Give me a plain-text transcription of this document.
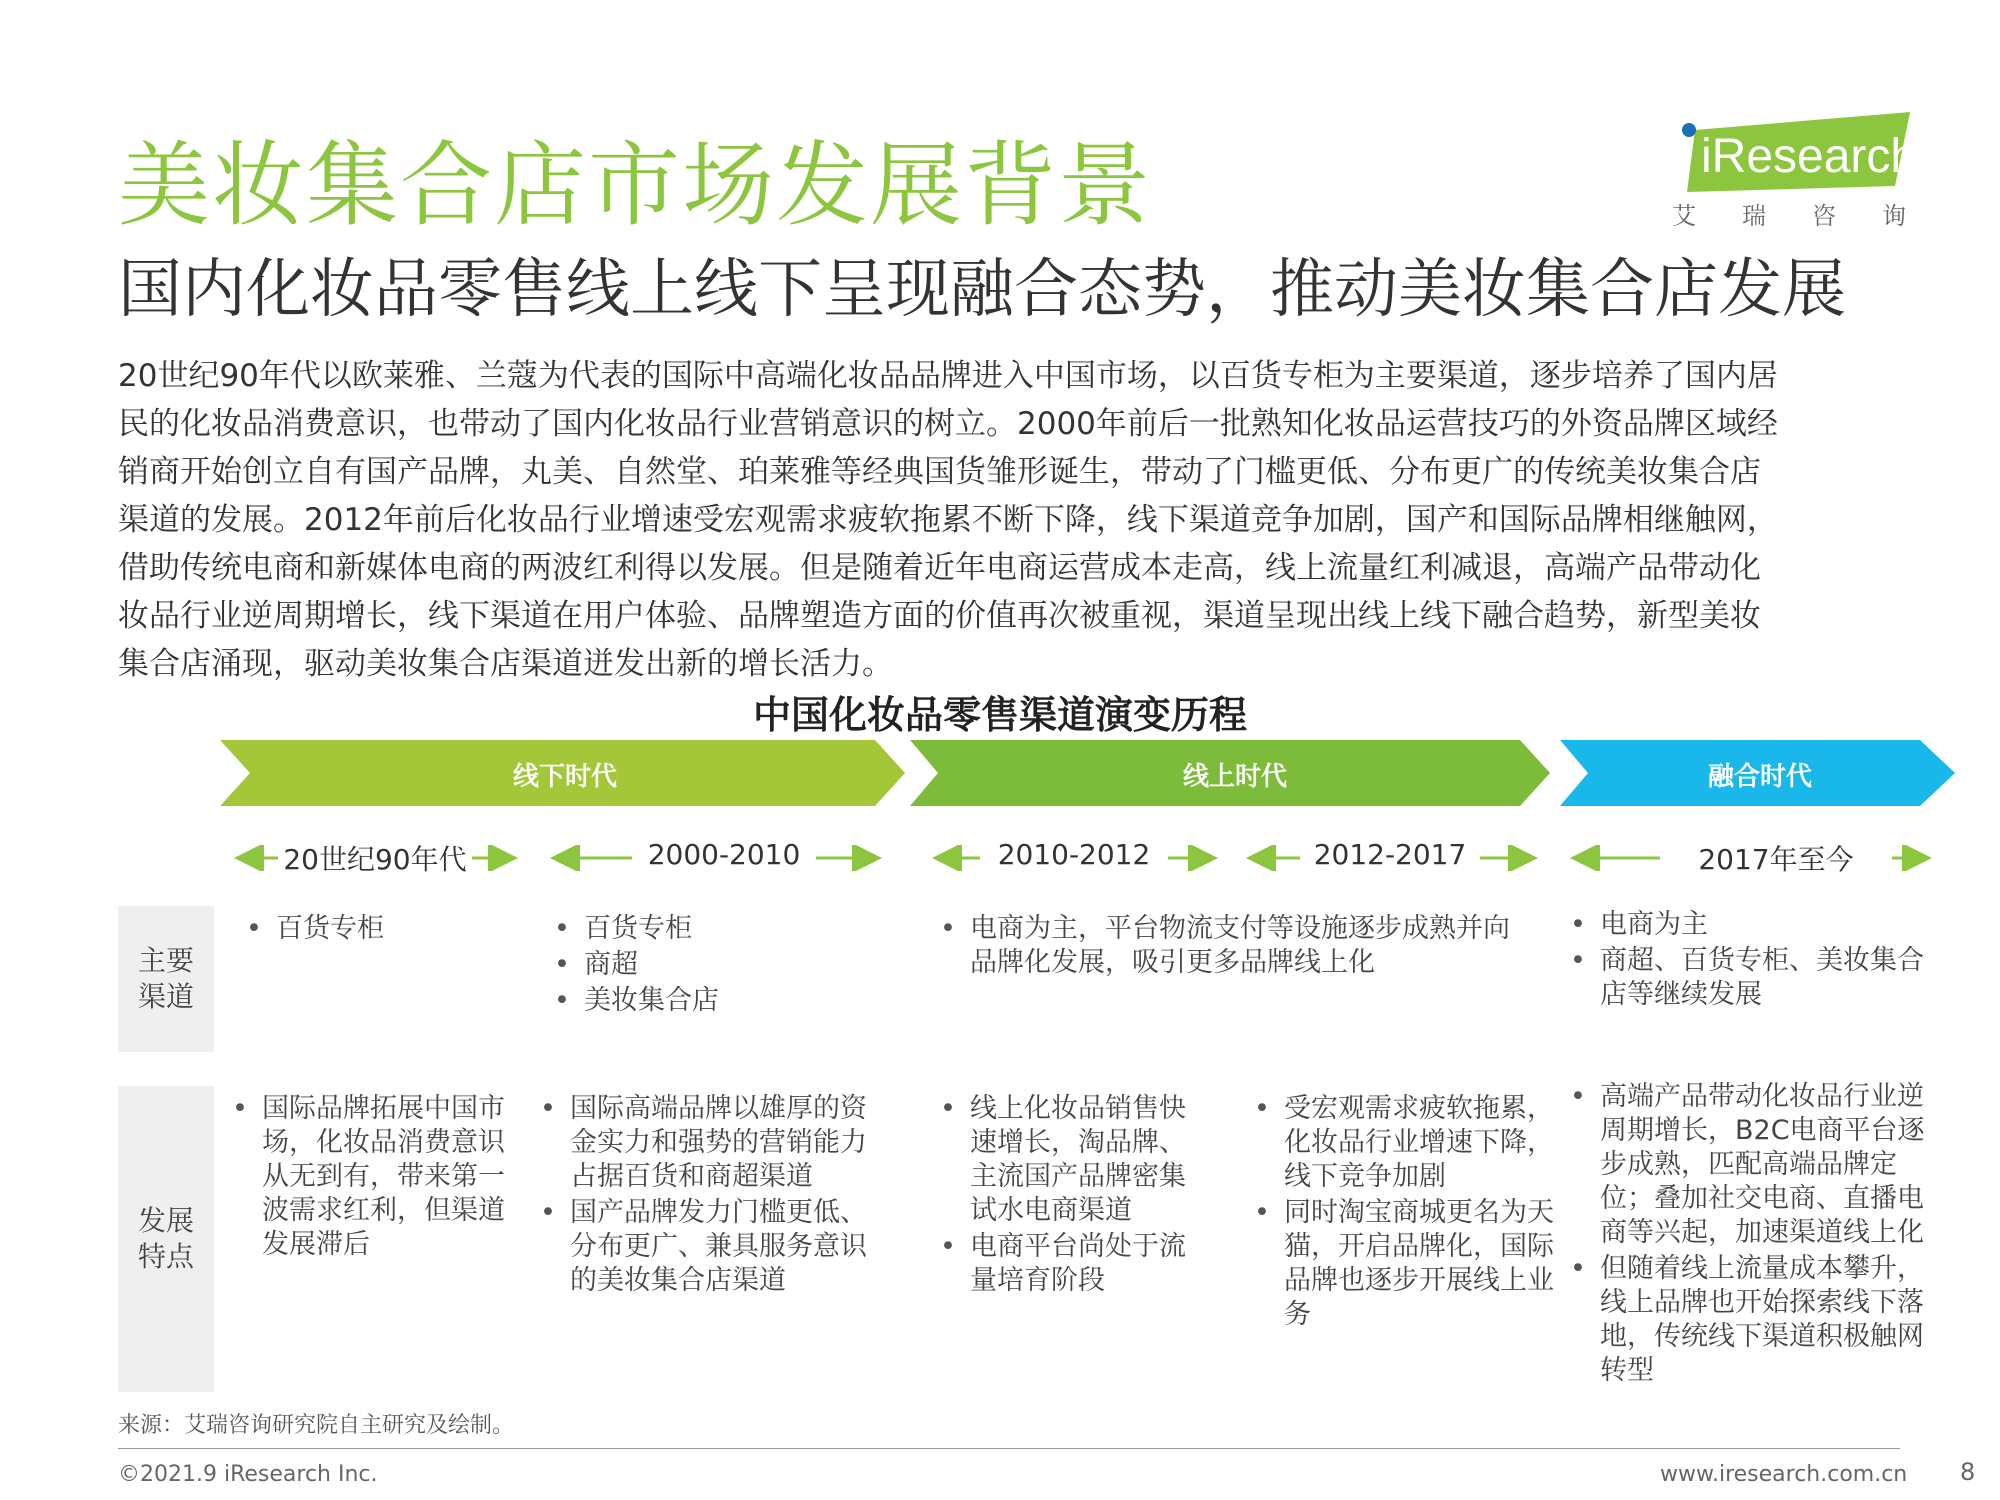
美妆集合店市场发展背景	iResearch
艾瑞咨询
国内化妆品零售线上线下呈现融合态势，推动美妆集合店发展
20世纪90年代以欧莱雅、兰蔻为代表的国际中高端化妆品品牌进入中国市场，以百货专柜为主要渠道，逐步培养了国内居
民的化妆品消费意识，也带动了国内化妆品行业营销意识的树立。2000年前后一批熟知化妆品运营技巧的外资品牌区域经
销商开始创立自有国产品牌，丸美、自然堂、珀莱雅等经典国货雏形诞生，带动了门槛更低、分布更广的传统美妆集合店
渠道的发展。2012年前后化妆品行业增速受宏观需求疲软拖累不断下降，线下渠道竞争加剧，国产和国际品牌相继触网，
借助传统电商和新媒体电商的两波红利得以发展。但是随着近年电商运营成本走高，线上流量红利减退，高端产品带动化
妆品行业逆周期增长，线下渠道在用户体验、品牌塑造方面的价值再次被重视，渠道呈现出线上线下融合趋势，新型美妆
集合店涌现，驱动美妆集合店渠道迸发出新的增长活力。
中国化妆品零售渠道演变历程
线下时代	线上时代	融合时代
20世纪90年代	2000-2010	2010-2012	2012-2017	2017年至今
主要渠道
发展特点
• 百货专柜
•	百货专柜
• 商超
• 美妆集合店
• 电商为主，平台物流支付等设施逐步成熟并向品牌化发展，吸引更多品牌线上化
• 电商为主
• 商超、百货专柜、美妆集合店等继续发展
• 国际品牌拓展中国市场，化妆品消费意识从无到有，带来第一波需求红利，但渠道发展滞后
• 国际高端品牌以雄厚的资金实力和强势的营销能力占据百货和商超渠道
• 国产品牌发力门槛更低、分布更广、兼具服务意识的美妆集合店渠道
• 线上化妆品销售快速增长，淘品牌、主流国产品牌密集试水电商渠道
• 电商平台尚处于流量培育阶段
• 受宏观需求疲软拖累，化妆品行业增速下降，线下竞争加剧
• 同时淘宝商城更名为天猫，开启品牌化，国际品牌也逐步开展线上业务
• 高端产品带动化妆品行业逆周期增长，B2C电商平台逐步成熟，匹配高端品牌定位；叠加社交电商、直播电商等兴起，加速渠道线上化
• 但随着线上流量成本攀升，线上品牌也开始探索线下落地，传统线下渠道积极触网转型
来源：艾瑞咨询研究院自主研究及绘制。
©2021.9 iResearch Inc.	www.iresearch.com.cn 8
